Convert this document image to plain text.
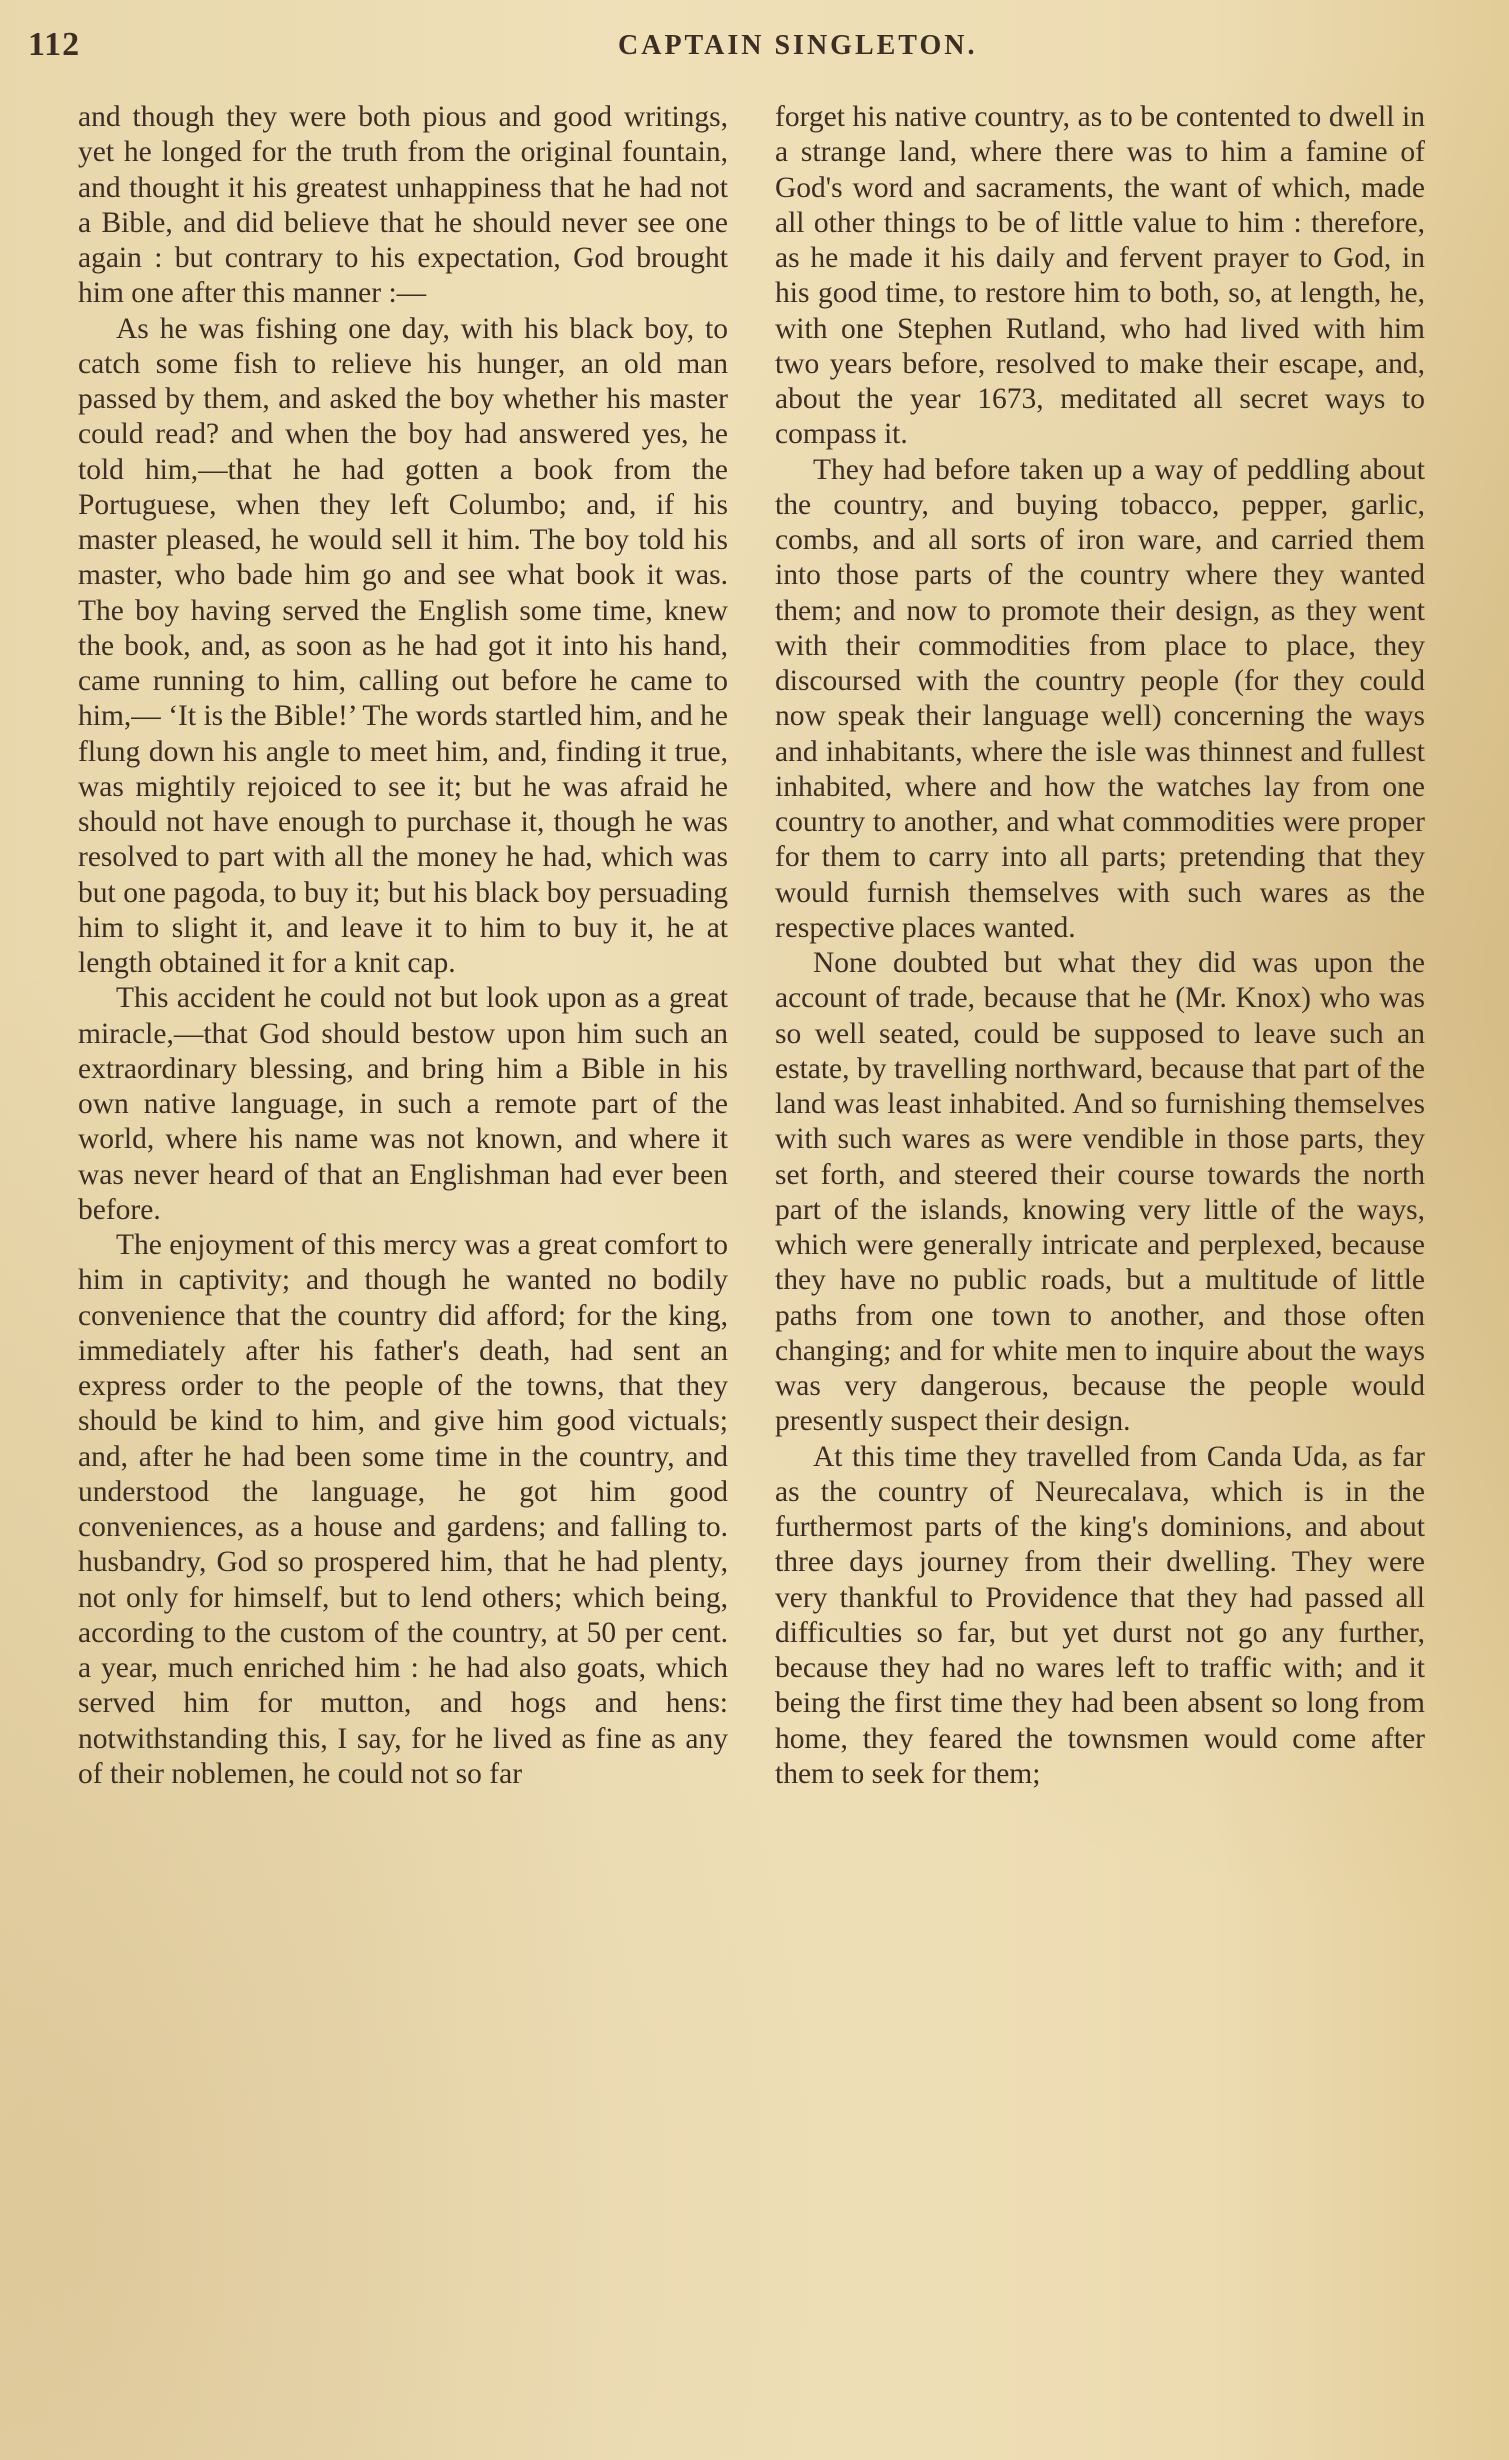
112	CAPTAIN SINGLETON.

and though they were both pious and good writings, yet he longed for the truth from the original fountain, and thought it his greatest unhappiness that he had not a Bible, and did believe that he should never see one again : but contrary to his expectation, God brought him one after this manner :—

As he was fishing one day, with his black boy, to catch some fish to relieve his hunger, an old man passed by them, and asked the boy whether his master could read? and when the boy had answered yes, he told him,—that he had gotten a book from the Portuguese, when they left Columbo; and, if his master pleased, he would sell it him. The boy told his master, who bade him go and see what book it was. The boy having served the English some time, knew the book, and, as soon as he had got it into his hand, came running to him, calling out before he came to him,— ‘It is the Bible!’ The words startled him, and he flung down his angle to meet him, and, finding it true, was mightily rejoiced to see it; but he was afraid he should not have enough to purchase it, though he was resolved to part with all the money he had, which was but one pagoda, to buy it; but his black boy persuading him to slight it, and leave it to him to buy it, he at length obtained it for a knit cap.

This accident he could not but look upon as a great miracle,—that God should bestow upon him such an extraordinary blessing, and bring him a Bible in his own native language, in such a remote part of the world, where his name was not known, and where it was never heard of that an Englishman had ever been before.

The enjoyment of this mercy was a great comfort to him in captivity; and though he wanted no bodily convenience that the country did afford; for the king, immediately after his father's death, had sent an express order to the people of the towns, that they should be kind to him, and give him good victuals; and, after he had been some time in the country, and understood the language, he got him good conveniences, as a house and gardens; and falling to. husbandry, God so prospered him, that he had plenty, not only for himself, but to lend others; which being, according to the custom of the country, at 50 per cent. a year, much enriched him : he had also goats, which served him for mutton, and hogs and hens: notwithstanding this, I say, for he lived as fine as any of their noblemen, he could not so far

forget his native country, as to be contented to dwell in a strange land, where there was to him a famine of God's word and sacraments, the want of which, made all other things to be of little value to him : therefore, as he made it his daily and fervent prayer to God, in his good time, to restore him to both, so, at length, he, with one Stephen Rutland, who had lived with him two years before, resolved to make their escape, and, about the year 1673, meditated all secret ways to compass it.

They had before taken up a way of peddling about the country, and buying tobacco, pepper, garlic, combs, and all sorts of iron ware, and carried them into those parts of the country where they wanted them; and now to promote their design, as they went with their commodities from place to place, they discoursed with the country people (for they could now speak their language well) concerning the ways and inhabitants, where the isle was thinnest and fullest inhabited, where and how the watches lay from one country to another, and what commodities were proper for them to carry into all parts; pretending that they would furnish themselves with such wares as the respective places wanted.

None doubted but what they did was upon the account of trade, because that he (Mr. Knox) who was so well seated, could be supposed to leave such an estate, by travelling northward, because that part of the land was least inhabited. And so furnishing themselves with such wares as were vendible in those parts, they set forth, and steered their course towards the north part of the islands, knowing very little of the ways, which were generally intricate and perplexed, because they have no public roads, but a multitude of little paths from one town to another, and those often changing; and for white men to inquire about the ways was very dangerous, because the people would presently suspect their design.

At this time they travelled from Canda Uda, as far as the country of Neurecalava, which is in the furthermost parts of the king's dominions, and about three days journey from their dwelling. They were very thankful to Providence that they had passed all difficulties so far, but yet durst not go any further, because they had no wares left to traffic with; and it being the first time they had been absent so long from home, they feared the townsmen would come after them to seek for them;
